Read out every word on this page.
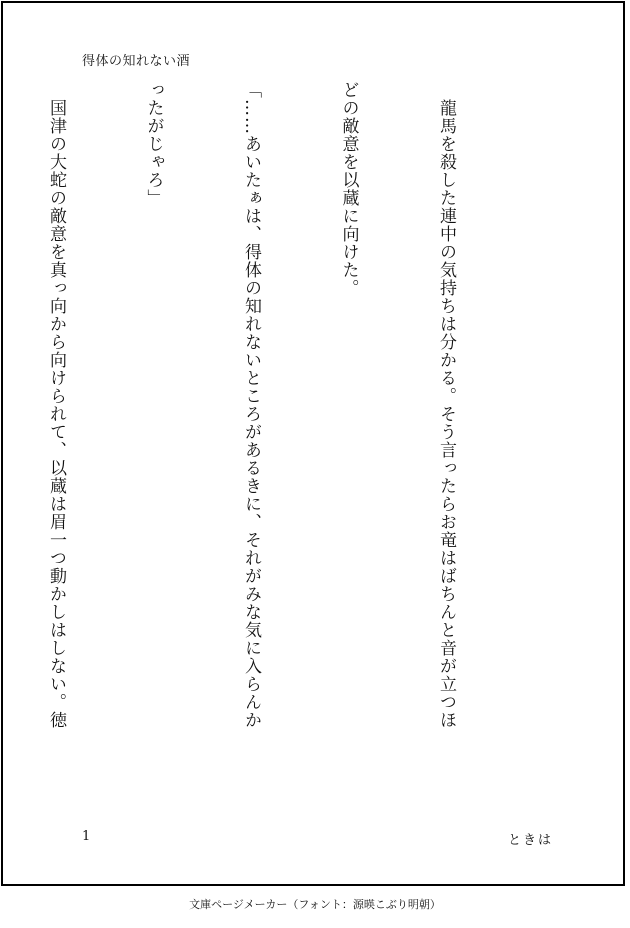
得体の知れない酒

　龍馬を殺した連中の気持ちは分かる。そう言ったらお竜はばちんと音が立つほ

どの敵意を以蔵に向けた。

「……あいたぁは、得体の知れないところがあるきに、それがみな気に入らんか

ったがじゃろ」

　国津の大蛇の敵意を真っ向から向けられて、以蔵は眉一つ動かしはしない。徳

1	ときは
文庫ページメーカー（フォント：源暎こぶり明朝）
